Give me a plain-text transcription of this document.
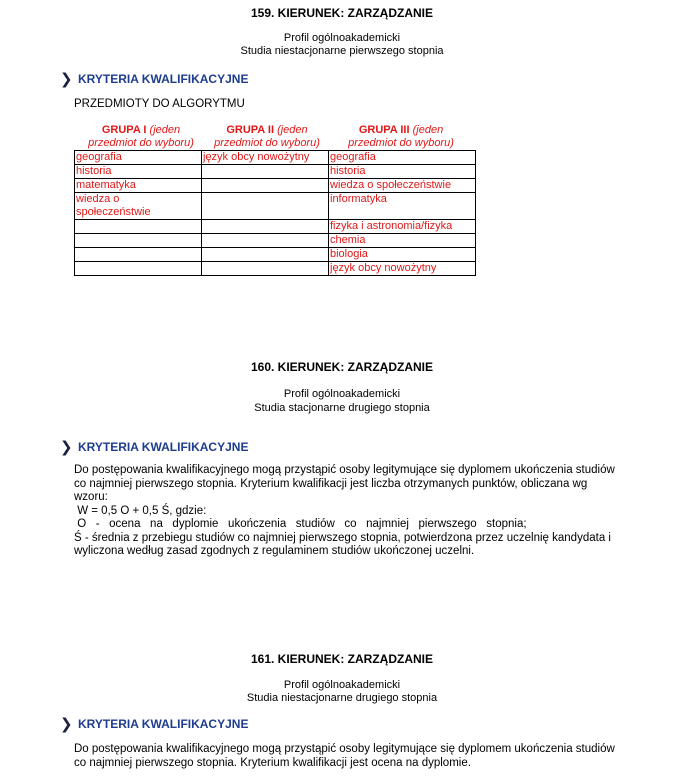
159. KIERUNEK: ZARZĄDZANIE
Profil ogólnoakademicki
Studia niestacjonarne pierwszego stopnia
❯ KRYTERIA KWALIFIKACYJNE
PRZEDMIOTY DO ALGORYTMU
GRUPA I (jeden
przedmiot do wyboru)
GRUPA II (jeden
przedmiot do wyboru)
GRUPA III (jeden
przedmiot do wyboru)
geografia	język obcy nowożytny	geografia
historia		historia
matematyka		wiedza o społeczeństwie
wiedza o
społeczeństwie		informatyka
		fizyka i astronomia/fizyka
		chemia
		biologia
		język obcy nowożytny
160. KIERUNEK: ZARZĄDZANIE
Profil ogólnoakademicki
Studia stacjonarne drugiego stopnia
❯ KRYTERIA KWALIFIKACYJNE
Do postępowania kwalifikacyjnego mogą przystąpić osoby legitymujące się dyplomem ukończenia studiów
co najmniej pierwszego stopnia. Kryterium kwalifikacji jest liczba otrzymanych punktów, obliczana wg
wzoru:
W = 0,5 O + 0,5 Ś, gdzie:
O   -   ocena   na   dyplomie   ukończenia   studiów   co   najmniej   pierwszego   stopnia;
Ś - średnia z przebiegu studiów co najmniej pierwszego stopnia, potwierdzona przez uczelnię kandydata i
wyliczona według zasad zgodnych z regulaminem studiów ukończonej uczelni.
161. KIERUNEK: ZARZĄDZANIE
Profil ogólnoakademicki
Studia niestacjonarne drugiego stopnia
❯ KRYTERIA KWALIFIKACYJNE
Do postępowania kwalifikacyjnego mogą przystąpić osoby legitymujące się dyplomem ukończenia studiów
co najmniej pierwszego stopnia. Kryterium kwalifikacji jest ocena na dyplomie.
